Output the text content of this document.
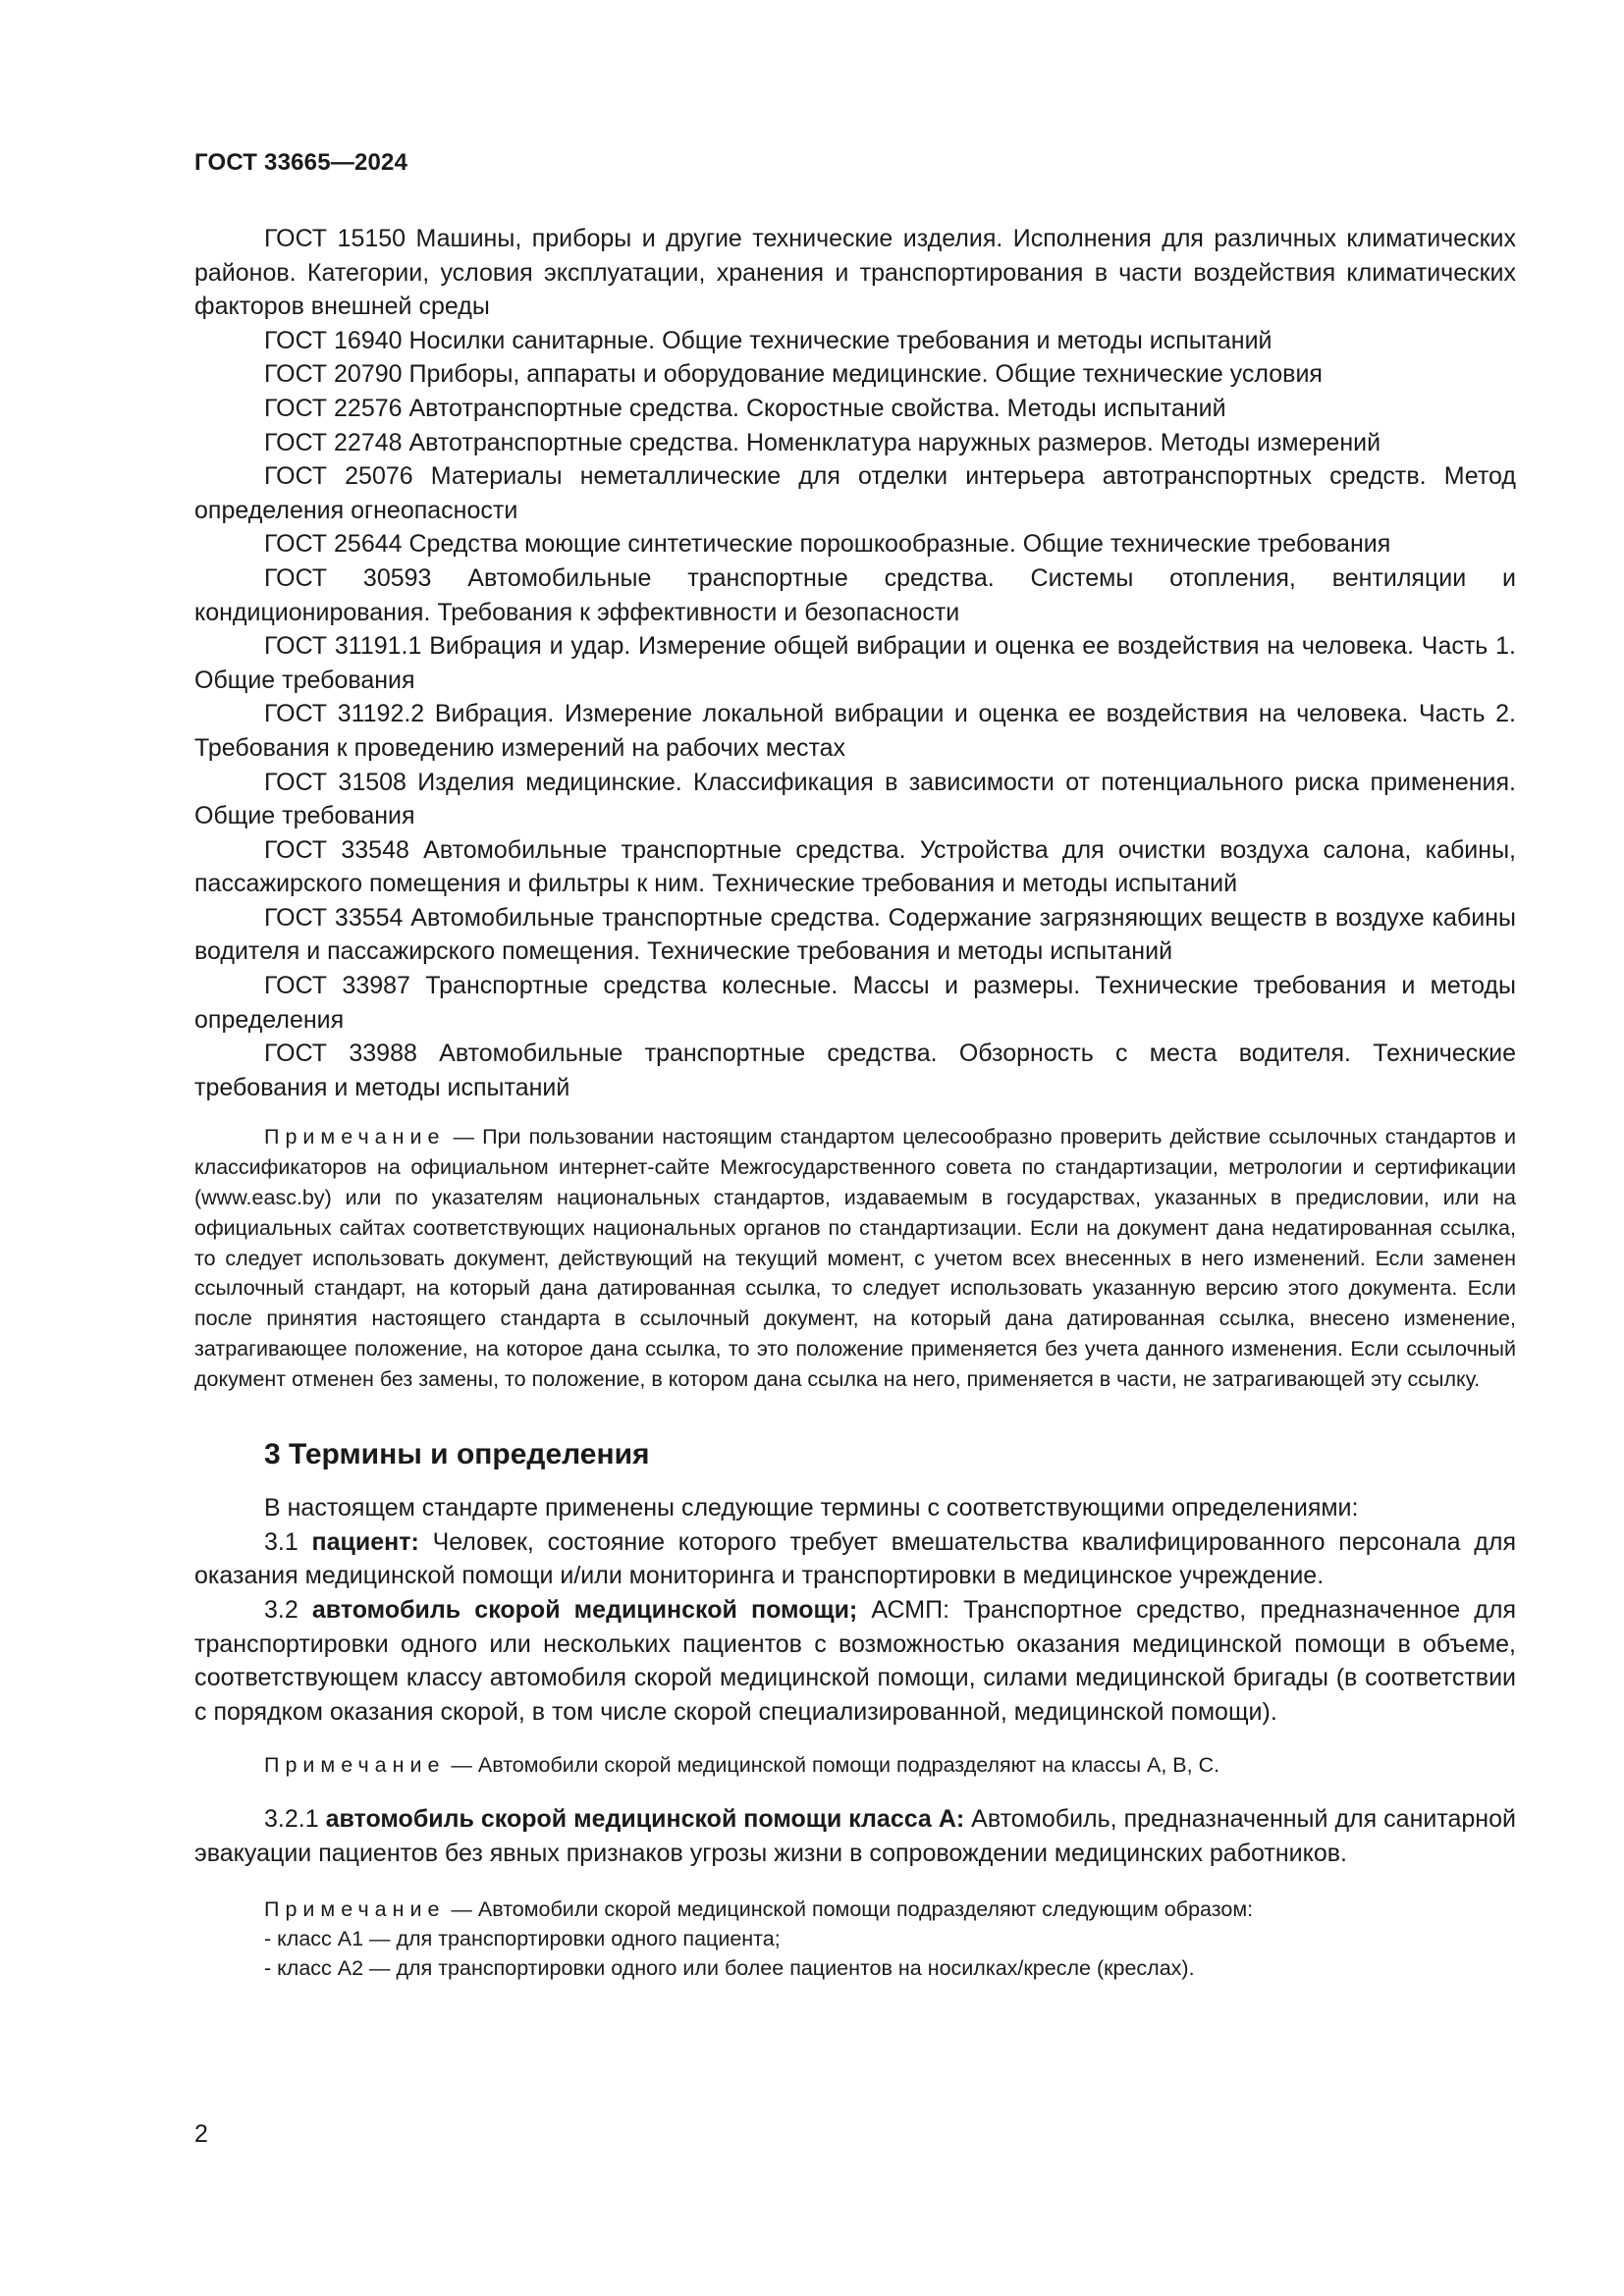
ГОСТ 33665—2024

ГОСТ 15150 Машины, приборы и другие технические изделия. Исполнения для различных климатических районов. Категории, условия эксплуатации, хранения и транспортирования в части воздействия климатических факторов внешней среды

ГОСТ 16940 Носилки санитарные. Общие технические требования и методы испытаний

ГОСТ 20790 Приборы, аппараты и оборудование медицинские. Общие технические условия

ГОСТ 22576 Автотранспортные средства. Скоростные свойства. Методы испытаний

ГОСТ 22748 Автотранспортные средства. Номенклатура наружных размеров. Методы измерений

ГОСТ 25076 Материалы неметаллические для отделки интерьера автотранспортных средств. Метод определения огнеопасности

ГОСТ 25644 Средства моющие синтетические порошкообразные. Общие технические требования

ГОСТ 30593 Автомобильные транспортные средства. Системы отопления, вентиляции и кондиционирования. Требования к эффективности и безопасности

ГОСТ 31191.1 Вибрация и удар. Измерение общей вибрации и оценка ее воздействия на человека. Часть 1. Общие требования

ГОСТ 31192.2 Вибрация. Измерение локальной вибрации и оценка ее воздействия на человека. Часть 2. Требования к проведению измерений на рабочих местах

ГОСТ 31508 Изделия медицинские. Классификация в зависимости от потенциального риска применения. Общие требования

ГОСТ 33548 Автомобильные транспортные средства. Устройства для очистки воздуха салона, кабины, пассажирского помещения и фильтры к ним. Технические требования и методы испытаний

ГОСТ 33554 Автомобильные транспортные средства. Содержание загрязняющих веществ в воздухе кабины водителя и пассажирского помещения. Технические требования и методы испытаний

ГОСТ 33987 Транспортные средства колесные. Массы и размеры. Технические требования и методы определения

ГОСТ 33988 Автомобильные транспортные средства. Обзорность с места водителя. Технические требования и методы испытаний

Примечание — При пользовании настоящим стандартом целесообразно проверить действие ссылочных стандартов и классификаторов на официальном интернет-сайте Межгосударственного совета по стандартизации, метрологии и сертификации (www.easc.by) или по указателям национальных стандартов, издаваемым в государствах, указанных в предисловии, или на официальных сайтах соответствующих национальных органов по стандартизации. Если на документ дана недатированная ссылка, то следует использовать документ, действующий на текущий момент, с учетом всех внесенных в него изменений. Если заменен ссылочный стандарт, на который дана датированная ссылка, то следует использовать указанную версию этого документа. Если после принятия настоящего стандарта в ссылочный документ, на который дана датированная ссылка, внесено изменение, затрагивающее положение, на которое дана ссылка, то это положение применяется без учета данного изменения. Если ссылочный документ отменен без замены, то положение, в котором дана ссылка на него, применяется в части, не затрагивающей эту ссылку.

3 Термины и определения

В настоящем стандарте применены следующие термины с соответствующими определениями:

3.1 пациент: Человек, состояние которого требует вмешательства квалифицированного персонала для оказания медицинской помощи и/или мониторинга и транспортировки в медицинское учреждение.

3.2 автомобиль скорой медицинской помощи; АСМП: Транспортное средство, предназначенное для транспортировки одного или нескольких пациентов с возможностью оказания медицинской помощи в объеме, соответствующем классу автомобиля скорой медицинской помощи, силами медицинской бригады (в соответствии с порядком оказания скорой, в том числе скорой специализированной, медицинской помощи).

Примечание — Автомобили скорой медицинской помощи подразделяют на классы А, В, С.

3.2.1 автомобиль скорой медицинской помощи класса А: Автомобиль, предназначенный для санитарной эвакуации пациентов без явных признаков угрозы жизни в сопровождении медицинских работников.

Примечание — Автомобили скорой медицинской помощи подразделяют следующим образом:

- класс А1 — для транспортировки одного пациента;

- класс А2 — для транспортировки одного или более пациентов на носилках/кресле (креслах).

2
